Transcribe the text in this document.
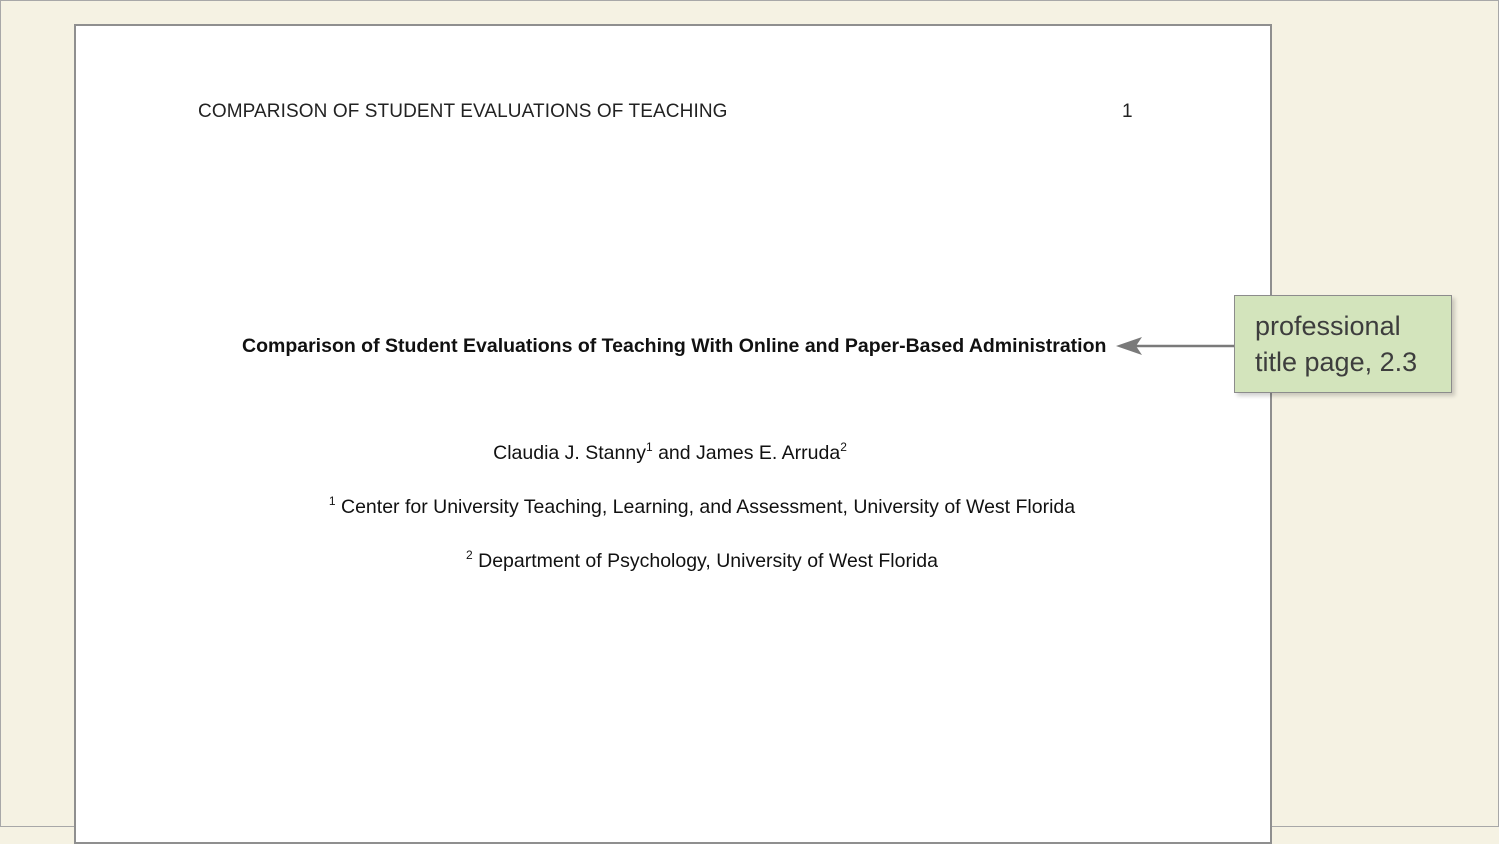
COMPARISON OF STUDENT EVALUATIONS OF TEACHING	1
Comparison of Student Evaluations of Teaching With Online and Paper-Based Administration
Claudia J. Stanny$^1$ and James E. Arruda$^2$
$^1$ Center for University Teaching, Learning, and Assessment, University of West Florida
$^2$ Department of Psychology, University of West Florida
professional
title page, 2.3
